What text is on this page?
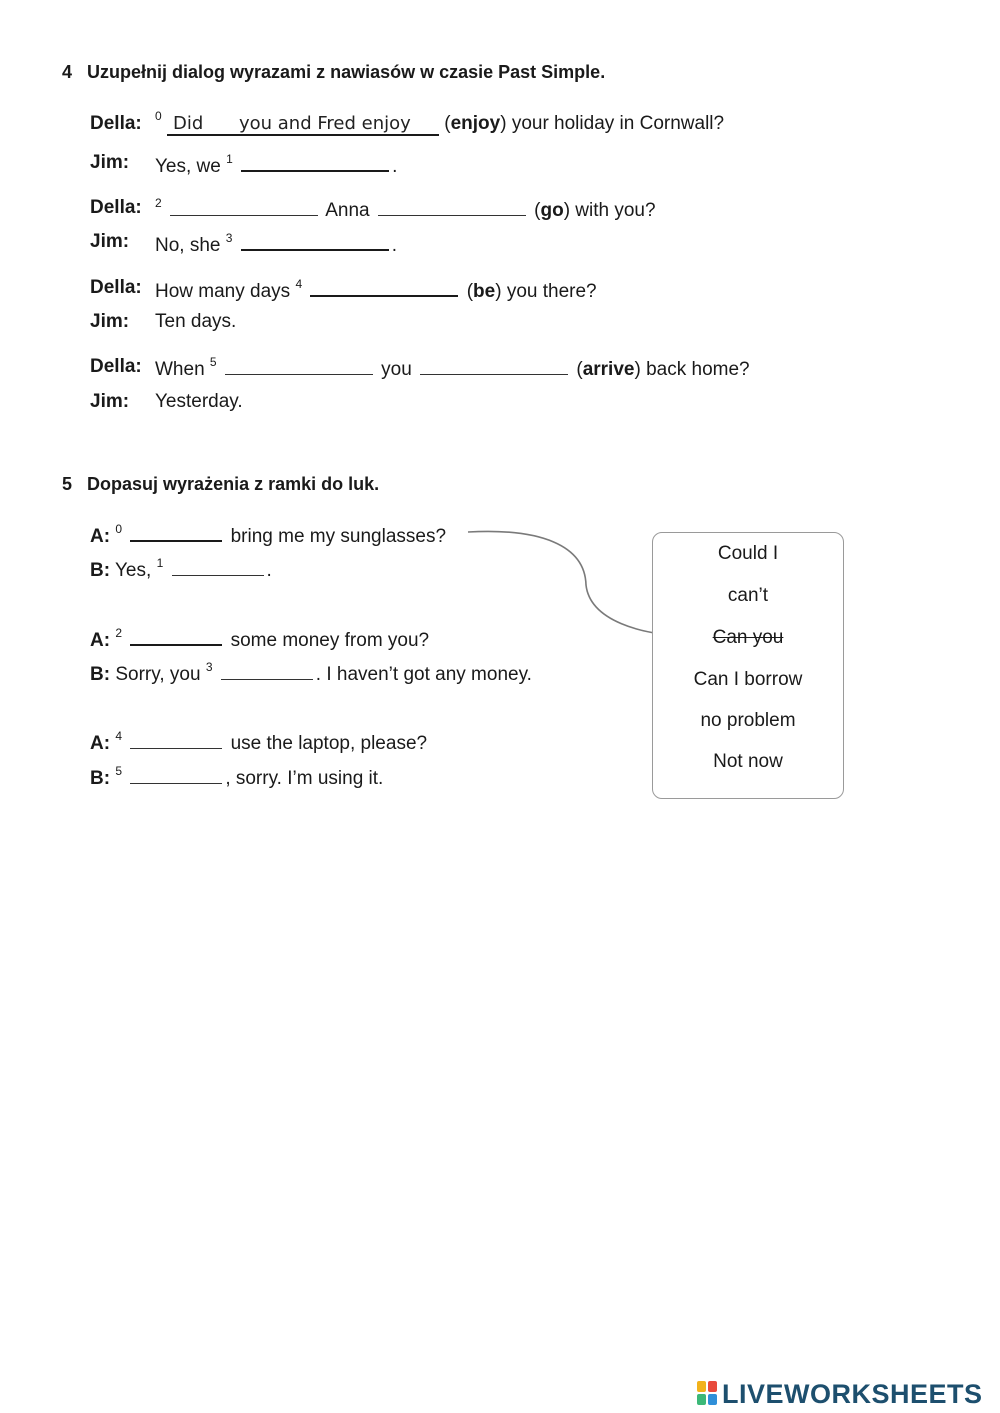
4 Uzupełnij dialog wyrazami z nawiasów w czasie Past Simple.
Della: $^0$ Did you and Fred enjoy (enjoy) your holiday in Cornwall?
Jim: Yes, we $^1$	.
Della: $^2$	Anna	(go) with you?
Jim: No, she $^3$	.
Della: How many days $^4$	(be) you there?
Jim: Ten days.
Della: When $^5$	you	(arrive) back home?
Jim: Yesterday.
5 Dopasuj wyrażenia z ramki do luk.
A: $^0$	bring me my sunglasses?
B: Yes, $^1$	.
A: $^2$	some money from you?
B: Sorry, you $^3$	. I haven’t got any money.
A: $^4$	use the laptop, please?
B: $^5$	, sorry. I’m using it.
Could I
can’t
Can you
Can I borrow
no problem
Not now
LIVEWORKSHEETS
